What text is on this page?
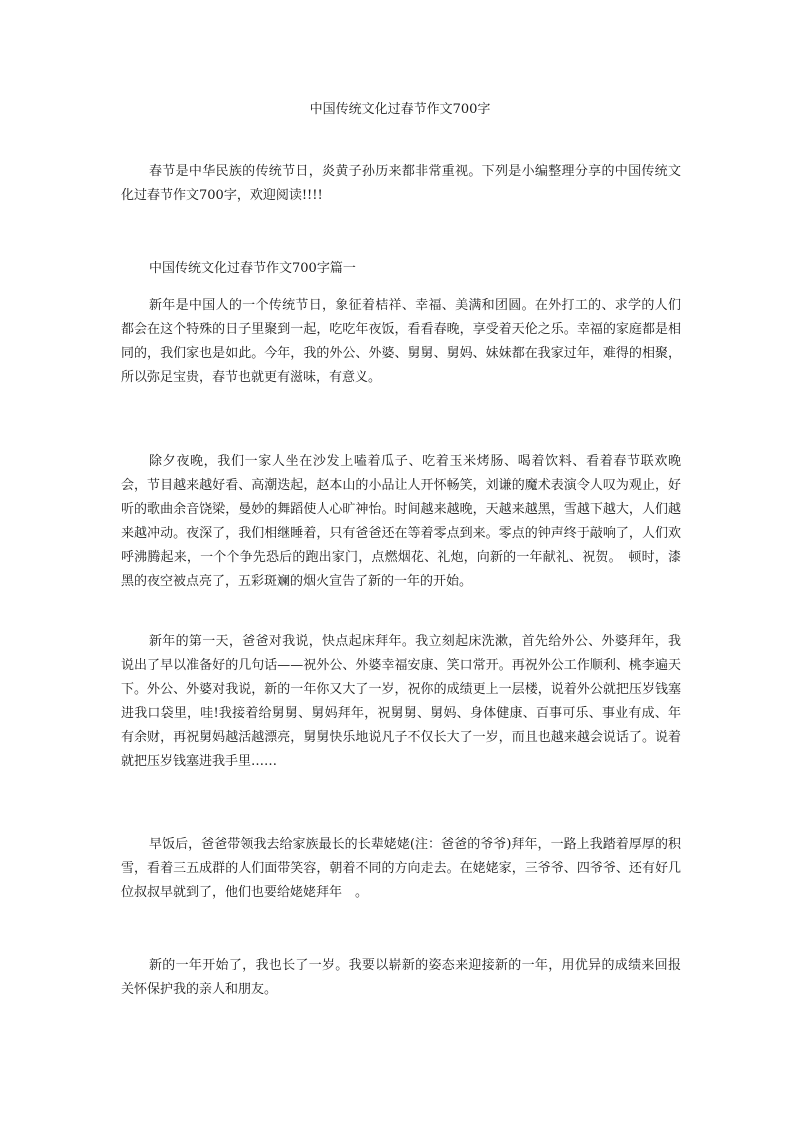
中国传统文化过春节作文700字

春节是中华民族的传统节日，炎黄子孙历来都非常重视。下列是小编整理分享的中国传统文化过春节作文700字，欢迎阅读!!!!

中国传统文化过春节作文700字篇一

新年是中国人的一个传统节日，象征着桔祥、幸福、美满和团圆。在外打工的、求学的人们都会在这个特殊的日子里聚到一起，吃吃年夜饭，看看春晚，享受着天伦之乐。幸福的家庭都是相同的，我们家也是如此。今年，我的外公、外婆、舅舅、舅妈、妹妹都在我家过年，难得的相聚，所以弥足宝贵，春节也就更有滋味，有意义。

除夕夜晚，我们一家人坐在沙发上嗑着瓜子、吃着玉米烤肠、喝着饮料、看着春节联欢晚会，节目越来越好看、高潮迭起，赵本山的小品让人开怀畅笑，刘谦的魔术表演令人叹为观止，好听的歌曲余音饶梁，曼妙的舞蹈使人心旷神怡。时间越来越晚，天越来越黑，雪越下越大，人们越来越冲动。夜深了，我们相继睡着，只有爸爸还在等着零点到来。零点的钟声终于敲响了，人们欢呼沸腾起来，一个个争先恐后的跑出家门，点燃烟花、礼炮，向新的一年献礼、祝贺。　顿时，漆黑的夜空被点亮了，五彩斑斓的烟火宣告了新的一年的开始。

新年的第一天，爸爸对我说，快点起床拜年。我立刻起床洗漱，首先给外公、外婆拜年，我说出了早以准备好的几句话——祝外公、外婆幸福安康、笑口常开。再祝外公工作顺利、桃李遍天下。外公、外婆对我说，新的一年你又大了一岁，祝你的成绩更上一层楼，说着外公就把压岁钱塞进我口袋里，哇!我接着给舅舅、舅妈拜年，祝舅舅、舅妈、身体健康、百事可乐、事业有成、年有余财，再祝舅妈越活越漂亮，舅舅快乐地说凡子不仅长大了一岁，而且也越来越会说话了。说着就把压岁钱塞进我手里……

早饭后，爸爸带领我去给家族最长的长辈姥姥(注：爸爸的爷爷)拜年，一路上我踏着厚厚的积雪，看着三五成群的人们面带笑容，朝着不同的方向走去。在姥姥家，三爷爷、四爷爷、还有好几位叔叔早就到了，他们也要给姥姥拜年　。

新的一年开始了，我也长了一岁。我要以崭新的姿态来迎接新的一年，用优异的成绩来回报关怀保护我的亲人和朋友。
